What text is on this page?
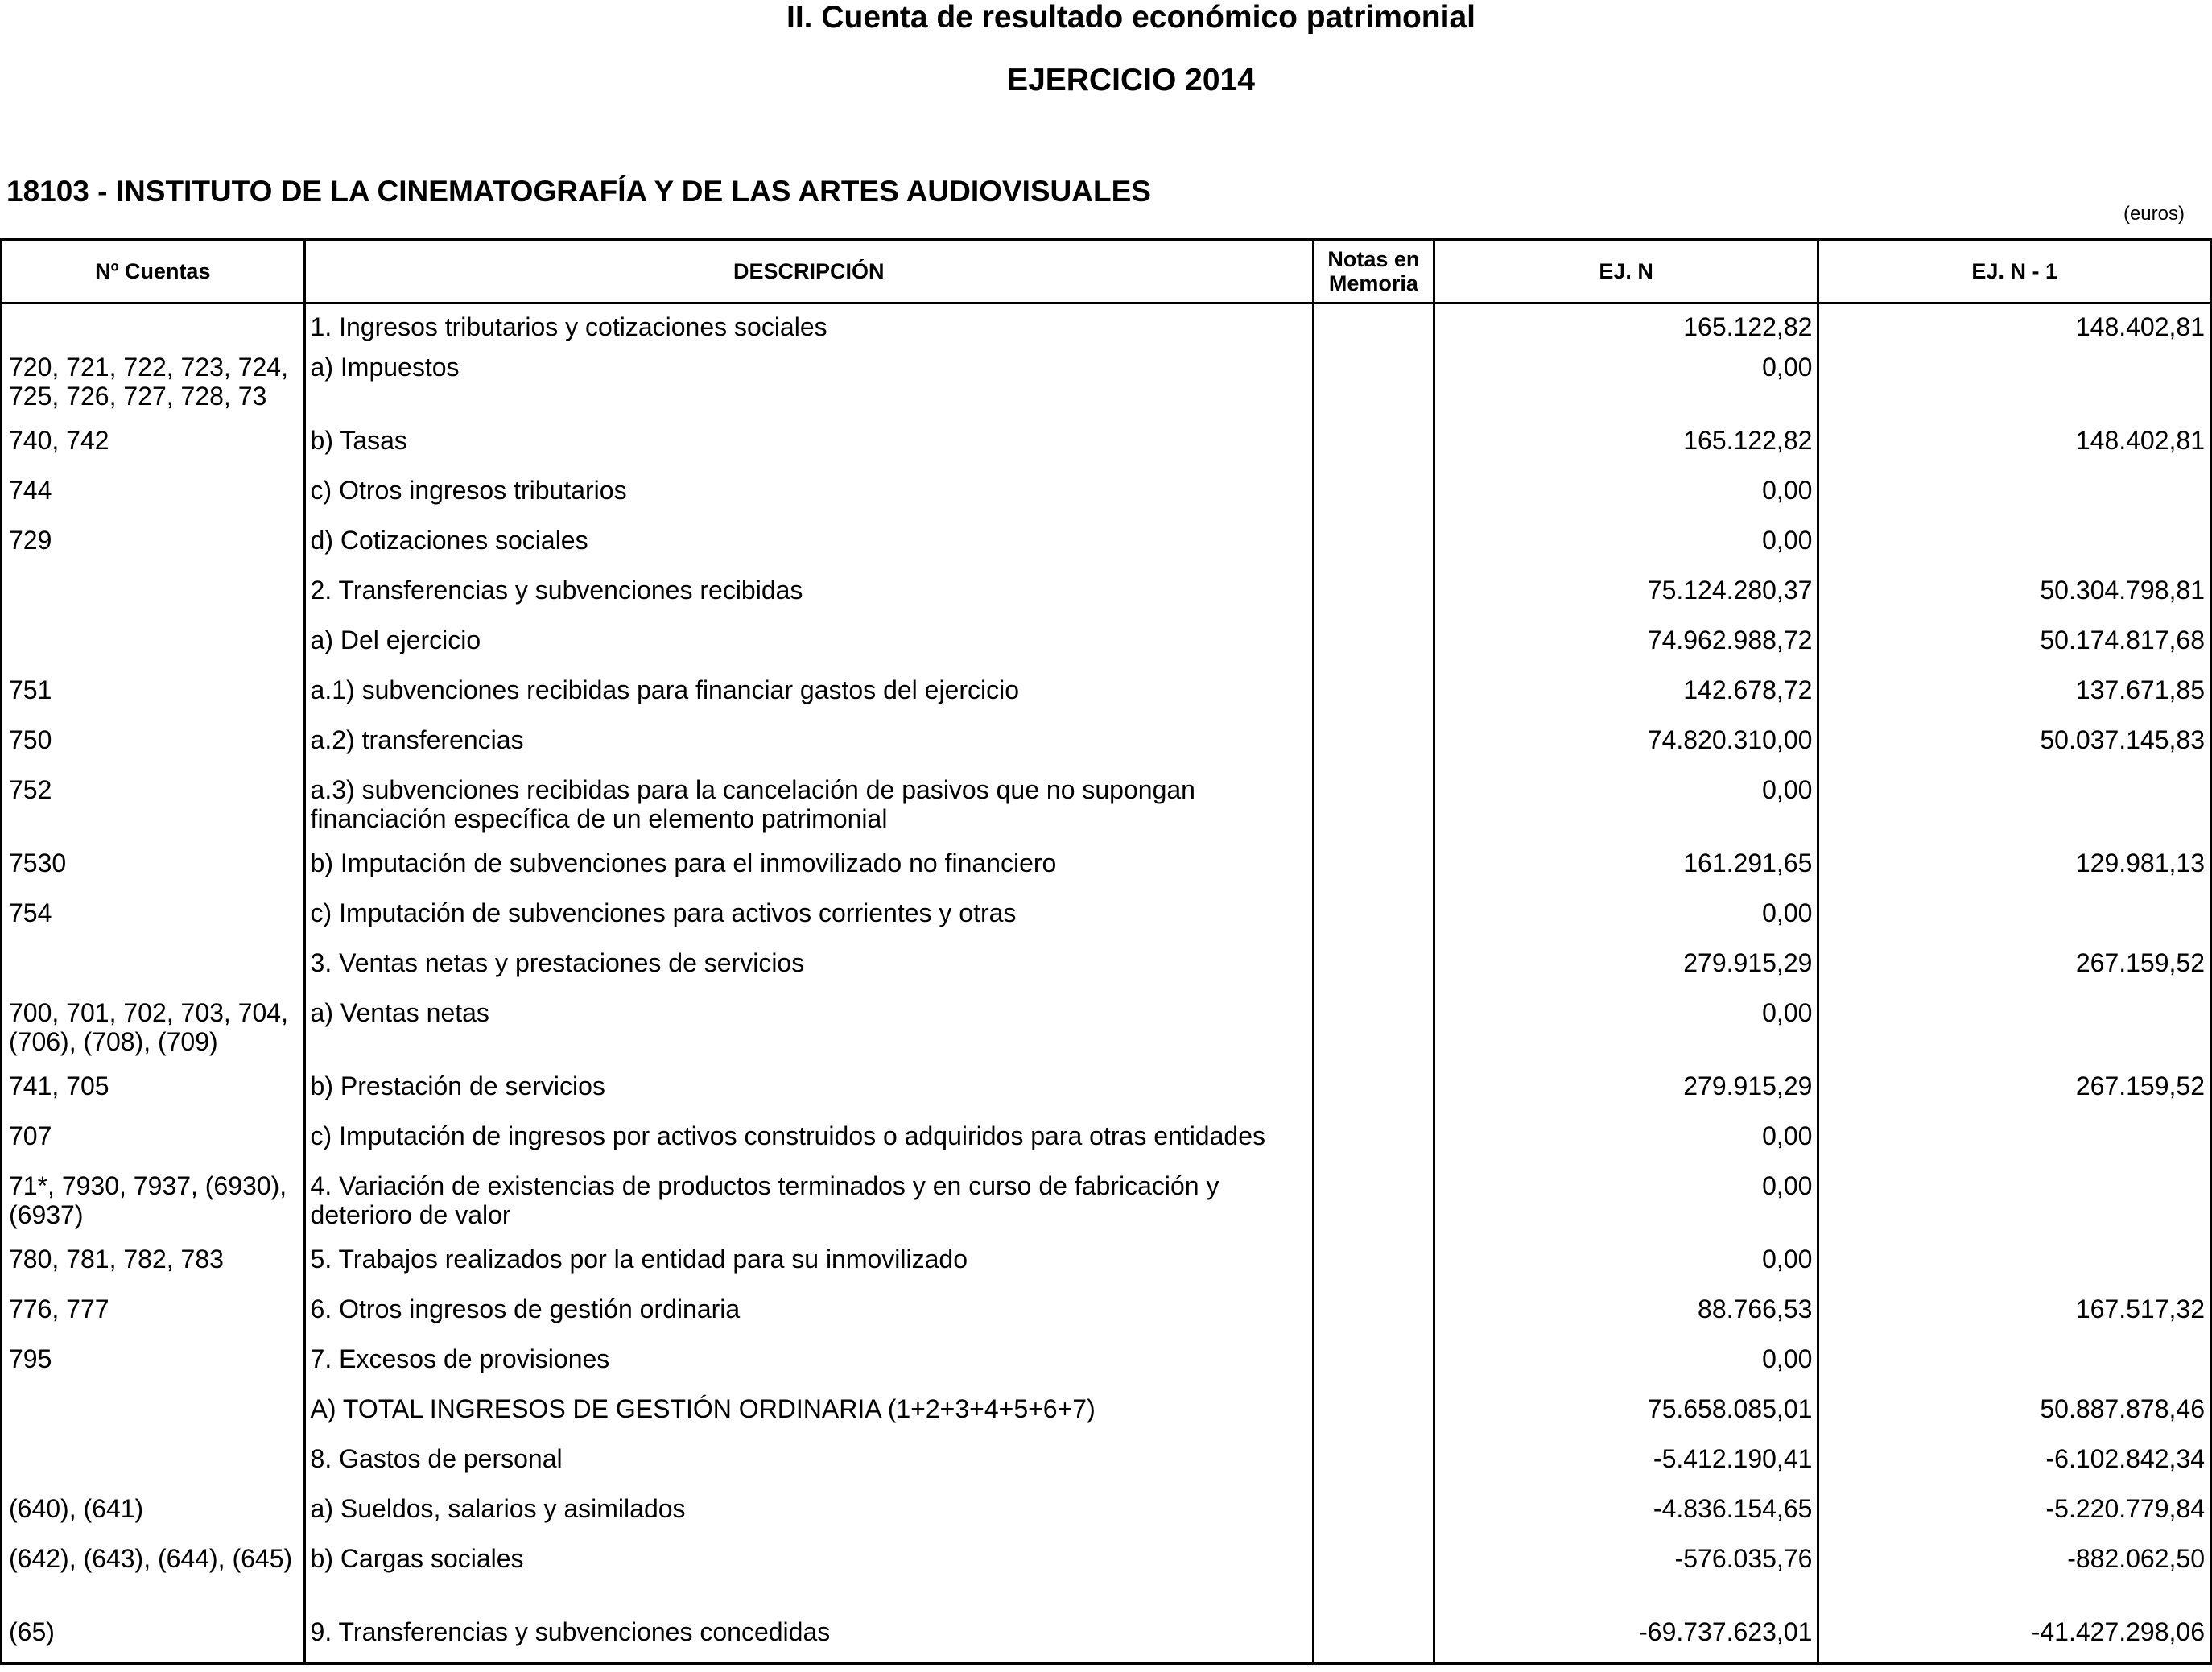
II. Cuenta de resultado económico patrimonial
EJERCICIO 2014
18103 - INSTITUTO DE LA CINEMATOGRAFÍA Y DE LAS ARTES AUDIOVISUALES
(euros)
Nº Cuentas	DESCRIPCIÓN	Notas en Memoria	EJ. N	EJ. N - 1
	1. Ingresos tributarios y cotizaciones sociales		165.122,82	148.402,81
720, 721, 722, 723, 724, 725, 726, 727, 728, 73	a) Impuestos		0,00	
740, 742	b) Tasas		165.122,82	148.402,81
744	c) Otros ingresos tributarios		0,00	
729	d) Cotizaciones sociales		0,00	
	2. Transferencias y subvenciones recibidas		75.124.280,37	50.304.798,81
	a) Del ejercicio		74.962.988,72	50.174.817,68
751	a.1) subvenciones recibidas para financiar gastos del ejercicio		142.678,72	137.671,85
750	a.2) transferencias		74.820.310,00	50.037.145,83
752	a.3) subvenciones recibidas para la cancelación de pasivos que no supongan financiación específica de un elemento patrimonial		0,00	
7530	b) Imputación de subvenciones para el inmovilizado no financiero		161.291,65	129.981,13
754	c) Imputación de subvenciones para activos corrientes y otras		0,00	
	3. Ventas netas y prestaciones de servicios		279.915,29	267.159,52
700, 701, 702, 703, 704, (706), (708), (709)	a) Ventas netas		0,00	
741, 705	b) Prestación de servicios		279.915,29	267.159,52
707	c) Imputación de ingresos por activos construidos o adquiridos para otras entidades		0,00	
71*, 7930, 7937, (6930), (6937)	4. Variación de existencias de productos terminados y en curso de fabricación y deterioro de valor		0,00	
780, 781, 782, 783	5. Trabajos realizados por la entidad para su inmovilizado		0,00	
776, 777	6. Otros ingresos de gestión ordinaria		88.766,53	167.517,32
795	7. Excesos de provisiones		0,00	
	A) TOTAL INGRESOS DE GESTIÓN ORDINARIA (1+2+3+4+5+6+7)		75.658.085,01	50.887.878,46
	8. Gastos de personal		-5.412.190,41	-6.102.842,34
(640), (641)	a) Sueldos, salarios y asimilados		-4.836.154,65	-5.220.779,84
(642), (643), (644), (645)	b) Cargas sociales		-576.035,76	-882.062,50
(65)	9. Transferencias y subvenciones concedidas		-69.737.623,01	-41.427.298,06
